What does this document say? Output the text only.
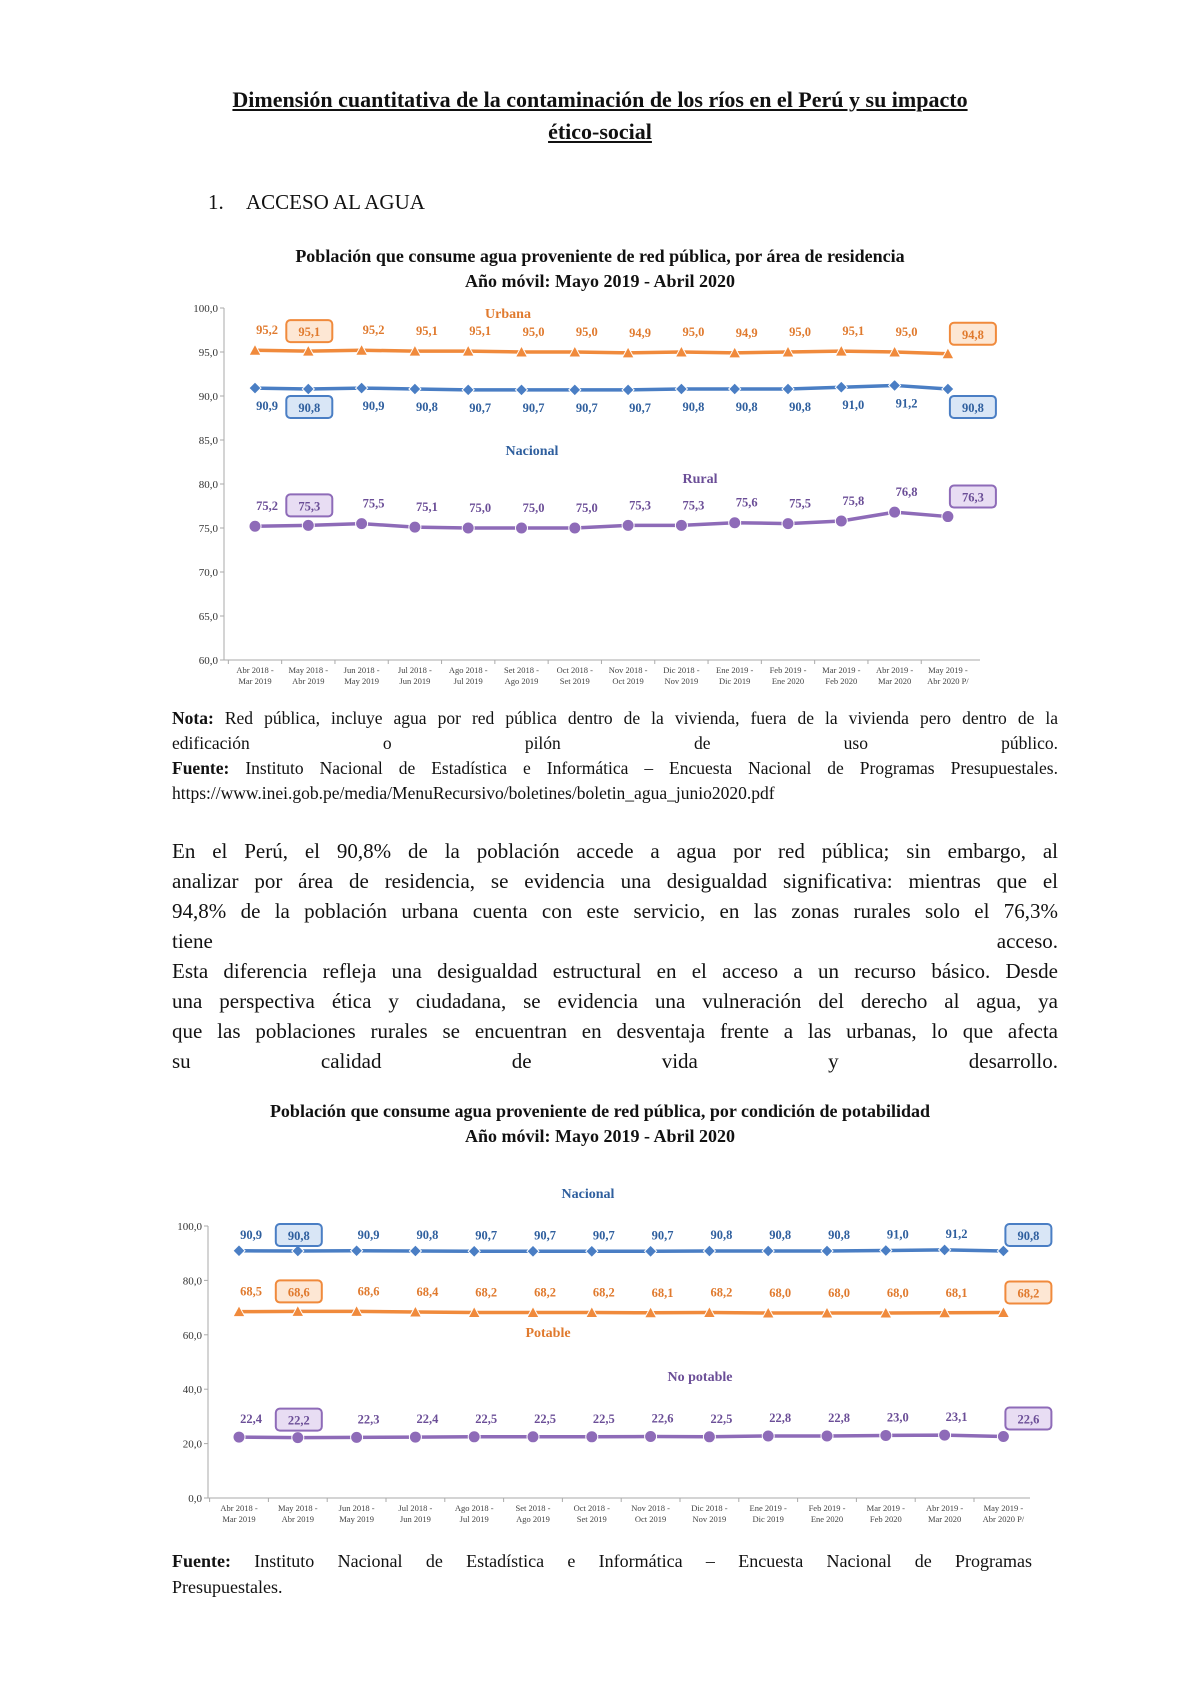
Dimensión cuantitativa de la contaminación de los ríos en el Perú y su impacto
ético-social
1. ACCESO AL AGUA
Población que consume agua proveniente de red pública, por área de residencia
Año móvil: Mayo 2019 - Abril 2020
100,0
95,0
90,0
85,0
80,0
75,0
70,0
65,0
60,0
Abr 2018 -Mar 2019
May 2018 -Abr 2019
Jun 2018 -May 2019
Jul 2018 -Jun 2019
Ago 2018 -Jul 2019
Set 2018 -Ago 2019
Oct 2018 -Set 2019
Nov 2018 -Oct 2019
Dic 2018 -Nov 2019
Ene 2019 -Dic 2019
Feb 2019 -Ene 2020
Mar 2019 -Feb 2020
Abr 2019 -Mar 2020
May 2019 -Abr 2020 P/
95,2 95,1	95,2	95,1	95,1	95,0	95,0	94,9	95,0	94,9	95,0	95,1	95,0	94,8
Urbana
90,9 90,8	90,9	90,8	90,7	90,7	90,7	90,7	90,8	90,8	90,8	91,0	91,2	90,8
Nacional
75,2 75,3	75,5	75,1	75,0	75,0	75,0	75,3	75,3	75,6	75,5	75,8
76,8	76,3
Rural
Nota: Red pública, incluye agua por red pública dentro de la vivienda, fuera de la vivienda pero dentro de la
edificación o pilón de uso público.
Fuente: Instituto Nacional de Estadística e Informática – Encuesta Nacional de Programas Presupuestales.
https://www.inei.gob.pe/media/MenuRecursivo/boletines/boletin_agua_junio2020.pdf
En el Perú, el 90,8% de la población accede a agua por red pública; sin embargo, al
analizar por área de residencia, se evidencia una desigualdad significativa: mientras que el
94,8% de la población urbana cuenta con este servicio, en las zonas rurales solo el 76,3%
tiene acceso.
Esta diferencia refleja una desigualdad estructural en el acceso a un recurso básico. Desde
una perspectiva ética y ciudadana, se evidencia una vulneración del derecho al agua, ya
que las poblaciones rurales se encuentran en desventaja frente a las urbanas, lo que afecta
su calidad de vida y desarrollo.
Población que consume agua proveniente de red pública, por condición de potabilidad
Año móvil: Mayo 2019 - Abril 2020
100,0
80,0
60,0
40,0
20,0
0,0
Abr 2018 -Mar 2019
May 2018 -Abr 2019
Jun 2018 -May 2019
Jul 2018 -Jun 2019
Ago 2018 -Jul 2019
Set 2018 -Ago 2019
Oct 2018 -Set 2019
Nov 2018 -Oct 2019
Dic 2018 -Nov 2019
Ene 2019 -Dic 2019
Feb 2019 -Ene 2020
Mar 2019 -Feb 2020
Abr 2019 -Mar 2020
May 2019 -Abr 2020 P/
90,9 90,8	90,9	90,8	90,7	90,7	90,7	90,7	90,8	90,8	90,8	91,0	91,2	90,8
Nacional
68,5 68,6	68,6	68,4	68,2	68,2	68,2	68,1	68,2	68,0	68,0	68,0	68,1	68,2
Potable
22,4 22,2	22,3	22,4	22,5	22,5	22,5	22,6	22,5	22,8	22,8	23,0	23,1	22,6
No potable
Fuente: Instituto Nacional de Estadística e Informática – Encuesta Nacional de Programas
Presupuestales.
